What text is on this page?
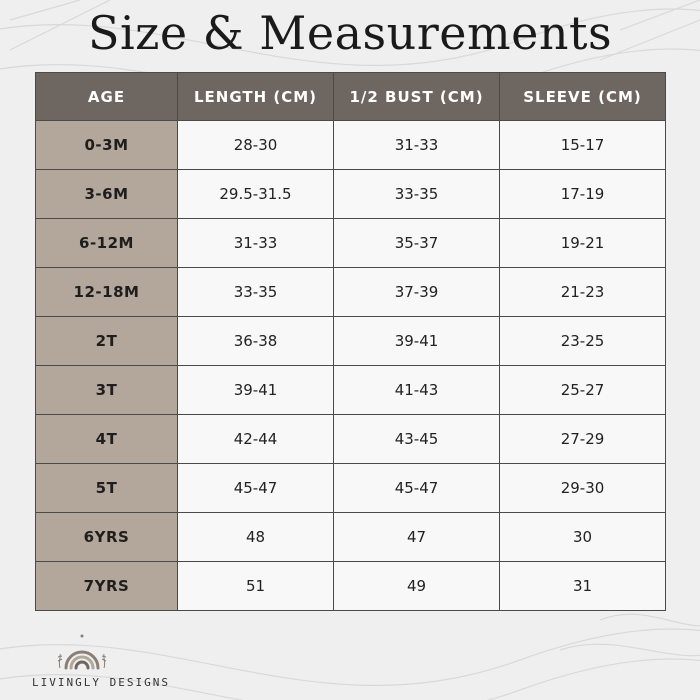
Size & Measurements
AGE	LENGTH (CM)	1/2 BUST (CM)	SLEEVE (CM)
0-3M	28-30	31-33	15-17
3-6M	29.5-31.5	33-35	17-19
6-12M	31-33	35-37	19-21
12-18M	33-35	37-39	21-23
2T	36-38	39-41	23-25
3T	39-41	41-43	25-27
4T	42-44	43-45	27-29
5T	45-47	45-47	29-30
6YRS	48	47	30
7YRS	51	49	31
LIVINGLY DESIGNS
